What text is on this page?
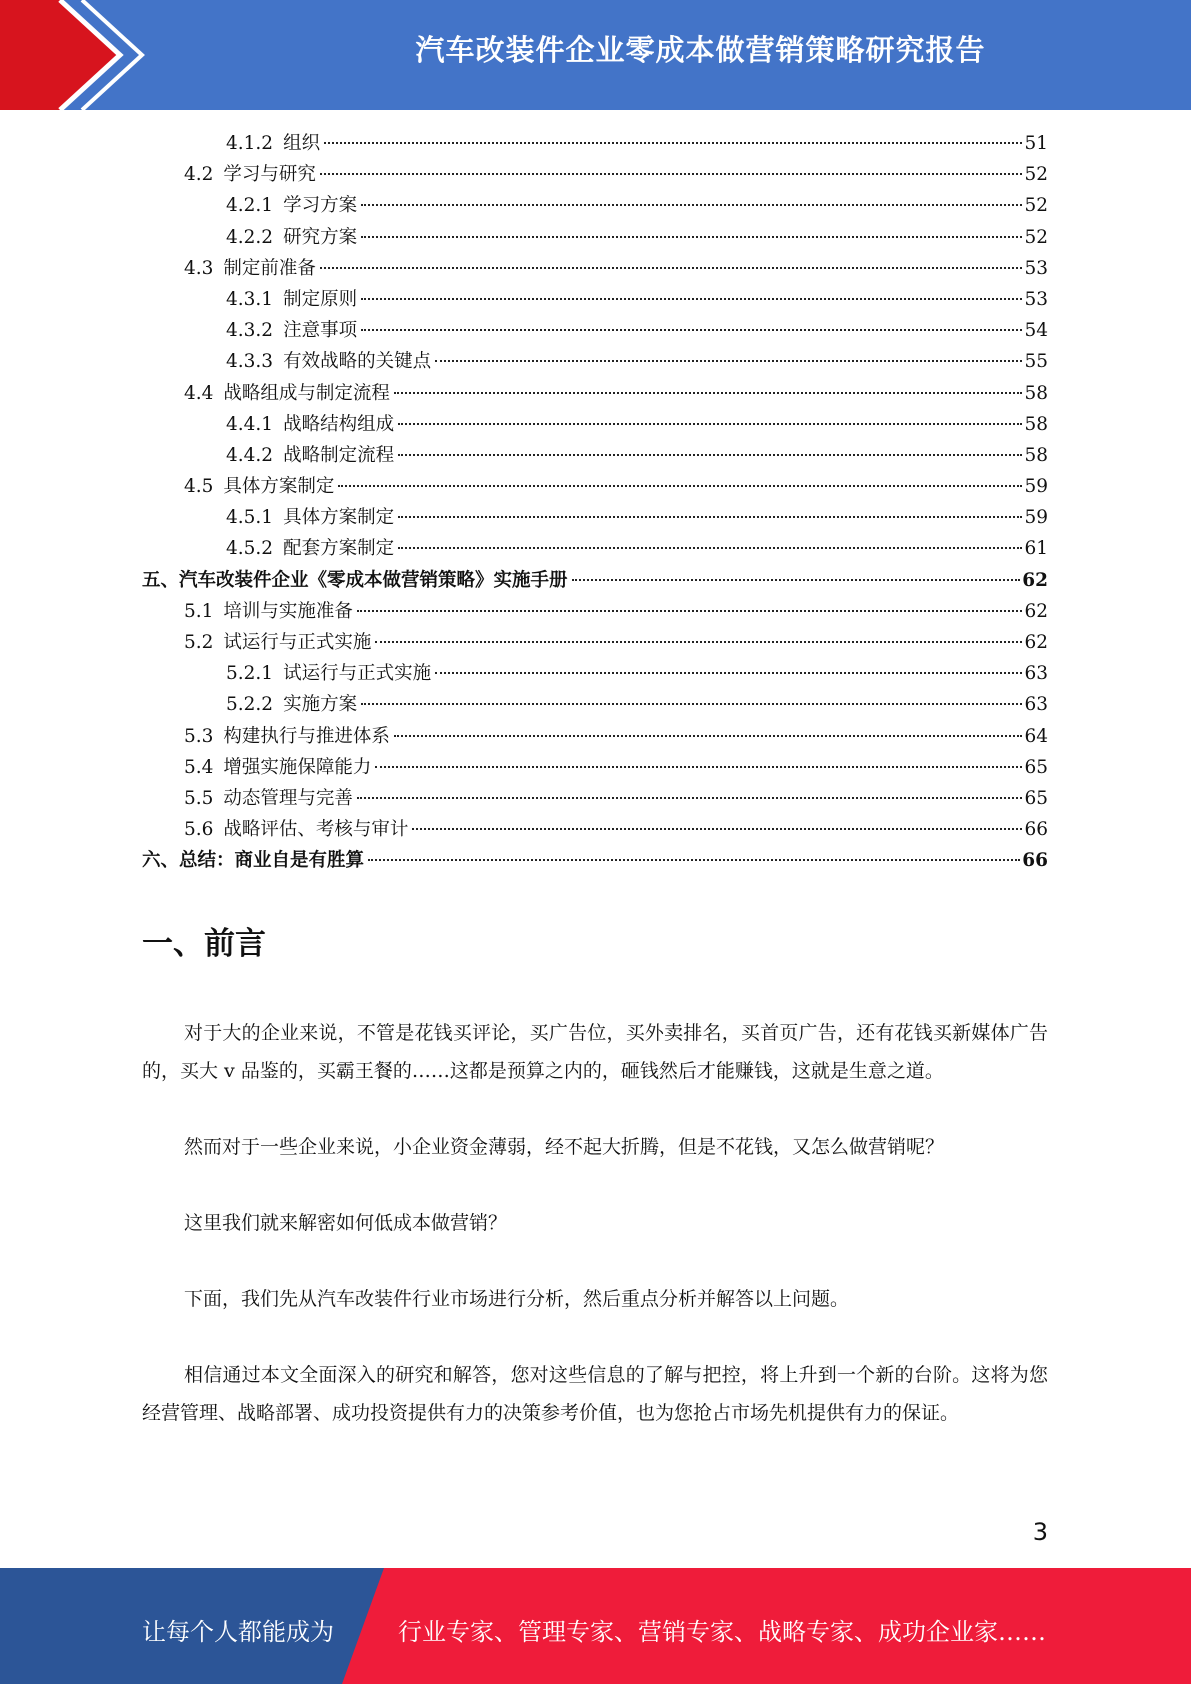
汽车改装件企业零成本做营销策略研究报告
4.1.2 组织	51
4.2 学习与研究	52
4.2.1 学习方案	52
4.2.2 研究方案	52
4.3 制定前准备	53
4.3.1 制定原则	53
4.3.2 注意事项	54
4.3.3 有效战略的关键点	55
4.4 战略组成与制定流程	58
4.4.1 战略结构组成	58
4.4.2 战略制定流程	58
4.5 具体方案制定	59
4.5.1 具体方案制定	59
4.5.2 配套方案制定	61
五、 汽车改装件企业《零成本做营销策略》实施手册	62
5.1 培训与实施准备	62
5.2 试运行与正式实施	62
5.2.1 试运行与正式实施	63
5.2.2 实施方案	63
5.3 构建执行与推进体系	64
5.4 增强实施保障能力	65
5.5 动态管理与完善	65
5.6 战略评估、考核与审计	66
六、 总结：商业自是有胜算	66
一、前言

对于大的企业来说，不管是花钱买评论，买广告位，买外卖排名，买首页广告，还有花钱买新媒体广告的，买大 v 品鉴的，买霸王餐的……这都是预算之内的，砸钱然后才能赚钱，这就是生意之道。

然而对于一些企业来说，小企业资金薄弱，经不起大折腾，但是不花钱，又怎么做营销呢？

这里我们就来解密如何低成本做营销？

下面，我们先从汽车改装件行业市场进行分析，然后重点分析并解答以上问题。

相信通过本文全面深入的研究和解答，您对这些信息的了解与把控，将上升到一个新的台阶。这将为您经营管理、战略部署、成功投资提供有力的决策参考价值，也为您抢占市场先机提供有力的保证。

3
让每个人都能成为	行业专家、管理专家、营销专家、战略专家、成功企业家……
